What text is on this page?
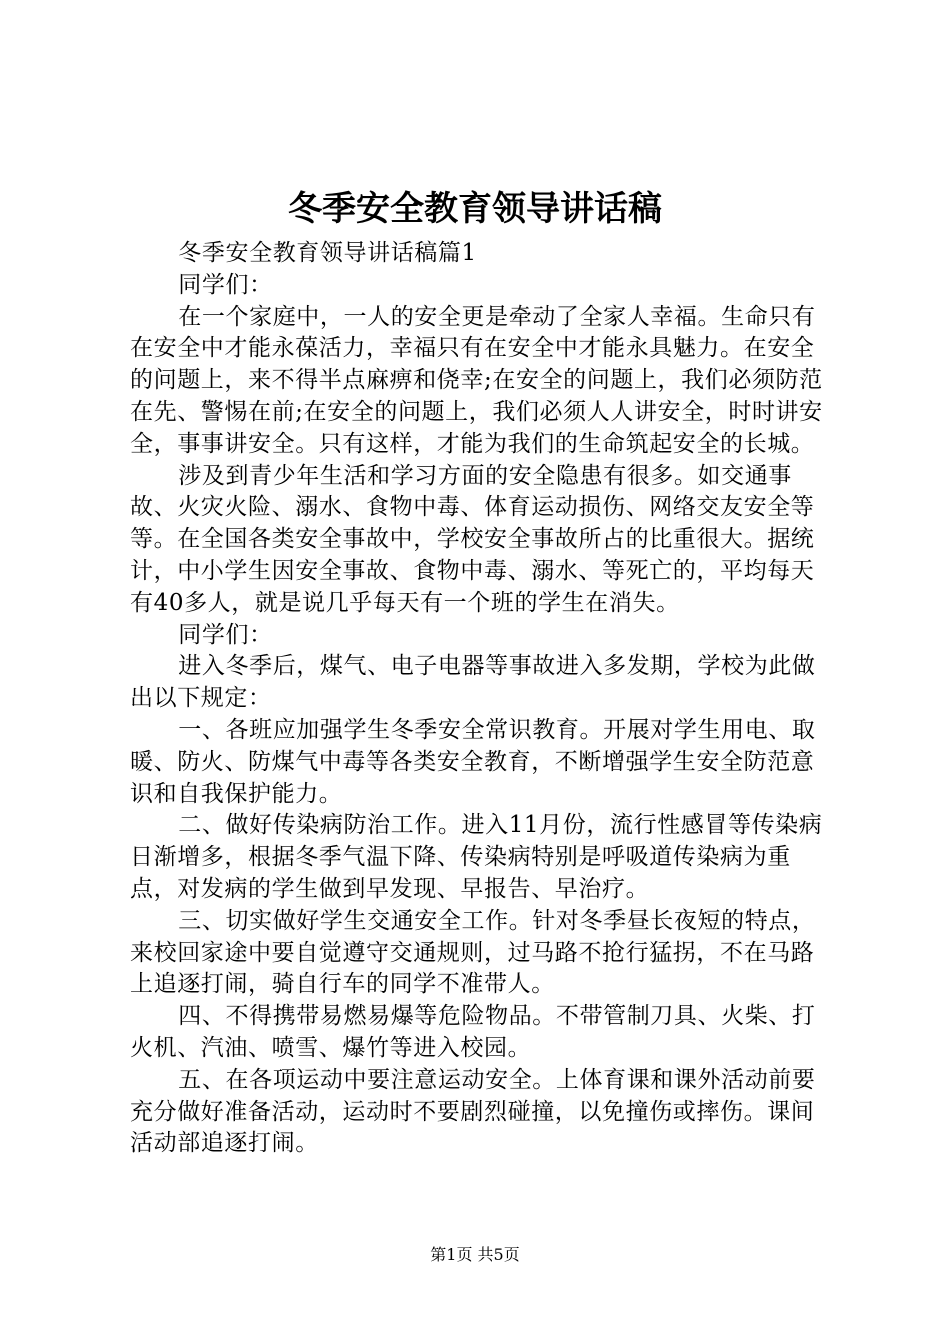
冬季安全教育领导讲话稿

冬季安全教育领导讲话稿篇1

同学们：

在一个家庭中，一人的安全更是牵动了全家人幸福。生命只有在安全中才能永葆活力，幸福只有在安全中才能永具魅力。在安全的问题上，来不得半点麻痹和侥幸;在安全的问题上，我们必须防范在先、警惕在前;在安全的问题上，我们必须人人讲安全，时时讲安全，事事讲安全。只有这样，才能为我们的生命筑起安全的长城。

涉及到青少年生活和学习方面的安全隐患有很多。如交通事故、火灾火险、溺水、食物中毒、体育运动损伤、网络交友安全等等。在全国各类安全事故中，学校安全事故所占的比重很大。据统计，中小学生因安全事故、食物中毒、溺水、等死亡的，平均每天有40多人，就是说几乎每天有一个班的学生在消失。

同学们：

进入冬季后，煤气、电子电器等事故进入多发期，学校为此做出以下规定：

一、各班应加强学生冬季安全常识教育。开展对学生用电、取暖、防火、防煤气中毒等各类安全教育，不断增强学生安全防范意识和自我保护能力。

二、做好传染病防治工作。进入11月份，流行性感冒等传染病日渐增多，根据冬季气温下降、传染病特别是呼吸道传染病为重点，对发病的学生做到早发现、早报告、早治疗。

三、切实做好学生交通安全工作。针对冬季昼长夜短的特点，来校回家途中要自觉遵守交通规则，过马路不抢行猛拐，不在马路上追逐打闹，骑自行车的同学不准带人。

四、不得携带易燃易爆等危险物品。不带管制刀具、火柴、打火机、汽油、喷雪、爆竹等进入校园。

五、在各项运动中要注意运动安全。上体育课和课外活动前要充分做好准备活动，运动时不要剧烈碰撞，以免撞伤或摔伤。课间活动部追逐打闹。

第1页 共5页
